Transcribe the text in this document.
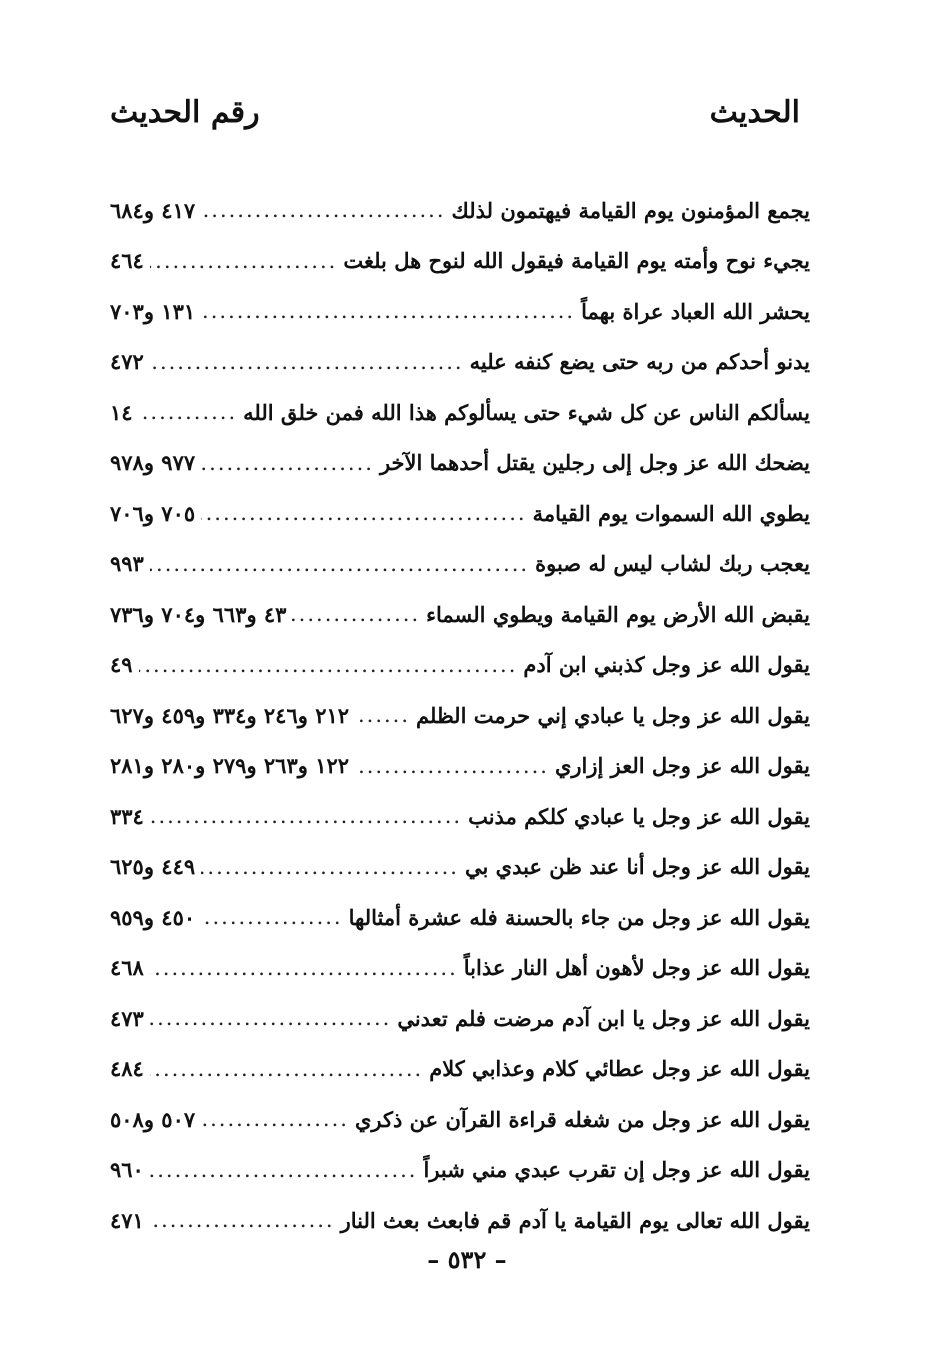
الحديث
رقم الحديث
يجمع المؤمنون يوم القيامة فيهتمون لذلك
.....
٤١٧ و٦٨٤
يجيء نوح وأمته يوم القيامة فيقول الله لنوح هل بلغت
.....
٤٦٤
يحشر الله العباد عراة بهماً
.....
١٣١ و٧٠٣
يدنو أحدكم من ربه حتى يضع كنفه عليه
.....
٤٧٢
يسألكم الناس عن كل شيء حتى يسألوكم هذا الله فمن خلق الله
.....
١٤
يضحك الله عز وجل إلى رجلين يقتل أحدهما الآخر
.....
٩٧٧ و٩٧٨
يطوي الله السموات يوم القيامة
.....
٧٠٥ و٧٠٦
يعجب ربك لشاب ليس له صبوة
.....
٩٩٣
يقبض الله الأرض يوم القيامة ويطوي السماء
.....
٤٣ و٦٦٣ و٧٠٤ و٧٣٦
يقول الله عز وجل كذبني ابن آدم
.....
٤٩
يقول الله عز وجل يا عبادي إني حرمت الظلم
.....
٢١٢ و٢٤٦ و٣٣٤ و٤٥٩ و٦٢٧
يقول الله عز وجل العز إزاري
.....
١٢٢ و٢٦٣ و٢٧٩ و٢٨٠ و٢٨١
يقول الله عز وجل يا عبادي كلكم مذنب
.....
٣٣٤
يقول الله عز وجل أنا عند ظن عبدي بي
.....
٤٤٩ و٦٢٥
يقول الله عز وجل من جاء بالحسنة فله عشرة أمثالها
.....
٤٥٠ و٩٥٩
يقول الله عز وجل لأهون أهل النار عذاباً
.....
٤٦٨
يقول الله عز وجل يا ابن آدم مرضت فلم تعدني
.....
٤٧٣
يقول الله عز وجل عطائي كلام وعذابي كلام
.....
٤٨٤
يقول الله عز وجل من شغله قراءة القرآن عن ذكري
.....
٥٠٧ و٥٠٨
يقول الله عز وجل إن تقرب عبدي مني شبراً
.....
٩٦٠
يقول الله تعالى يوم القيامة يا آدم قم فابعث بعث النار
.....
٤٧١
– ٥٣٢ –
